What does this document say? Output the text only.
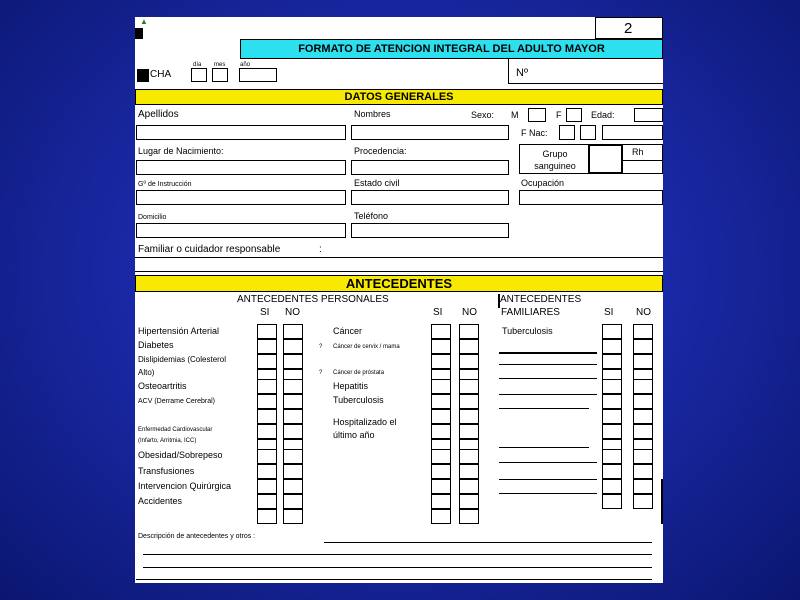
▲	2
FORMATO DE ATENCION INTEGRAL DEL ADULTO MAYOR
día mes año
CHA	Nº
DATOS GENERALES
Apellidos	Nombres	Sexo: M	F	Edad:
F Nac:
Lugar de Nacimiento:	Procedencia:	Grupo
sanguineo
Rh
Gº de Instrucción	Estado civil	Ocupación
Domicilio	Teléfono
Familiar o cuidador responsable	:
ANTECEDENTES
ANTECEDENTES PERSONALES	ANTECEDENTES
FAMILIARES
SI NO	SI NO	SI NO
Hipertensión Arterial
Diabetes
Dislipidemias (Colesterol
Alto)
Osteoartritis
ACV (Derrame Cerebral)
Enfermedad Cardiovascular
(Infarto, Arritmia, ICC)
Obesidad/Sobrepeso
Transfusiones
Intervencion Quirúrgica
Accidentes
Cáncer
? Cáncer de cervix / mama
? Cáncer de próstata
Hepatitis
Tuberculosis
Hospitalizado el
último año
Tuberculosis
Descripción de antecedentes y otros :
